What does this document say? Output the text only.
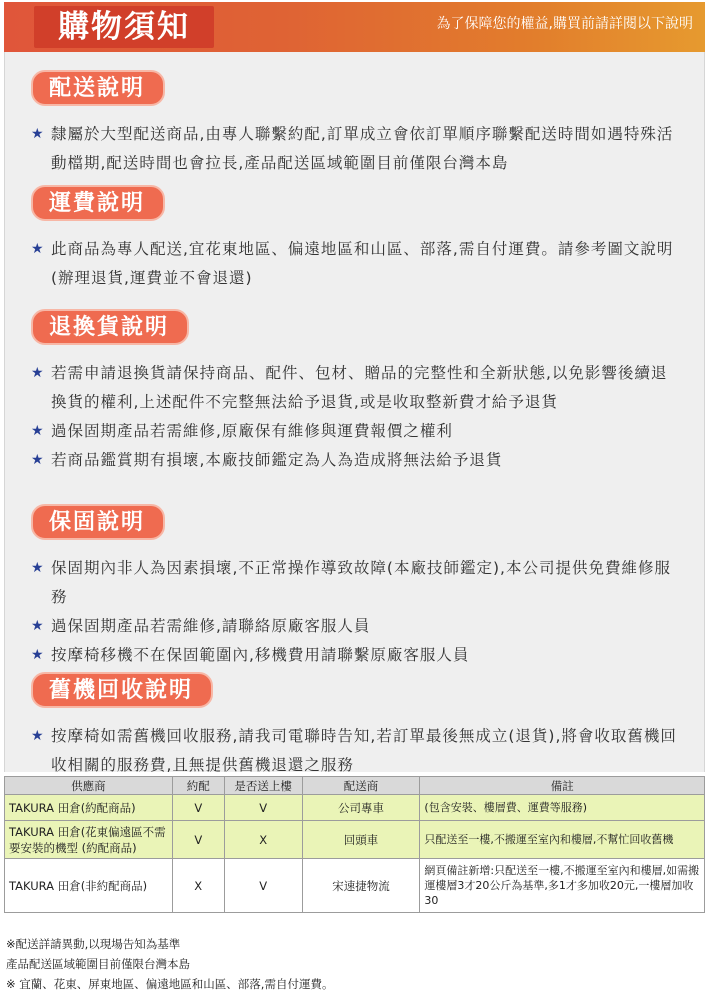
購物須知	為了保障您的權益,購買前請詳閱以下說明
配送說明
★ 隸屬於大型配送商品,由專人聯繫約配,訂單成立會依訂單順序聯繫配送時間如遇特殊活動檔期,配送時間也會拉長,產品配送區域範圍目前僅限台灣本島
運費說明
★ 此商品為專人配送,宜花東地區、偏遠地區和山區、部落,需自付運費。請參考圖文說明(辦理退貨,運費並不會退還)
退換貨說明
★ 若需申請退換貨請保持商品、配件、包材、贈品的完整性和全新狀態,以免影響後續退換貨的權利,上述配件不完整無法給予退貨,或是收取整新費才給予退貨
★ 過保固期產品若需維修,原廠保有維修與運費報價之權利
★ 若商品鑑賞期有損壞,本廠技師鑑定為人為造成將無法給予退貨
保固說明
★ 保固期內非人為因素損壞,不正常操作導致故障(本廠技師鑑定),本公司提供免費維修服務
★ 過保固期產品若需維修,請聯絡原廠客服人員
★ 按摩椅移機不在保固範圍內,移機費用請聯繫原廠客服人員
舊機回收說明
★ 按摩椅如需舊機回收服務,請我司電聯時告知,若訂單最後無成立(退貨),將會收取舊機回收相關的服務費,且無提供舊機退還之服務
供應商	約配	是否送上樓	配送商	備註
TAKURA 田倉(約配商品)	V	V	公司專車	(包含安裝、樓層費、運費等服務)
TAKURA 田倉(花東偏遠區不需要安裝的機型 (約配商品)	V	X	回頭車	只配送至一樓,不搬運至室內和樓層,不幫忙回收舊機
TAKURA 田倉(非約配商品)	X	V	宋速捷物流	網頁備註新增:只配送至一樓,不搬運至室內和樓層,如需搬運樓層3才20公斤為基準,多1才多加收20元,一樓層加收30
※配送詳請異動,以現場告知為基準
產品配送區域範圍目前僅限台灣本島
※ 宜蘭、花東、屏東地區、偏遠地區和山區、部落,需自付運費。
